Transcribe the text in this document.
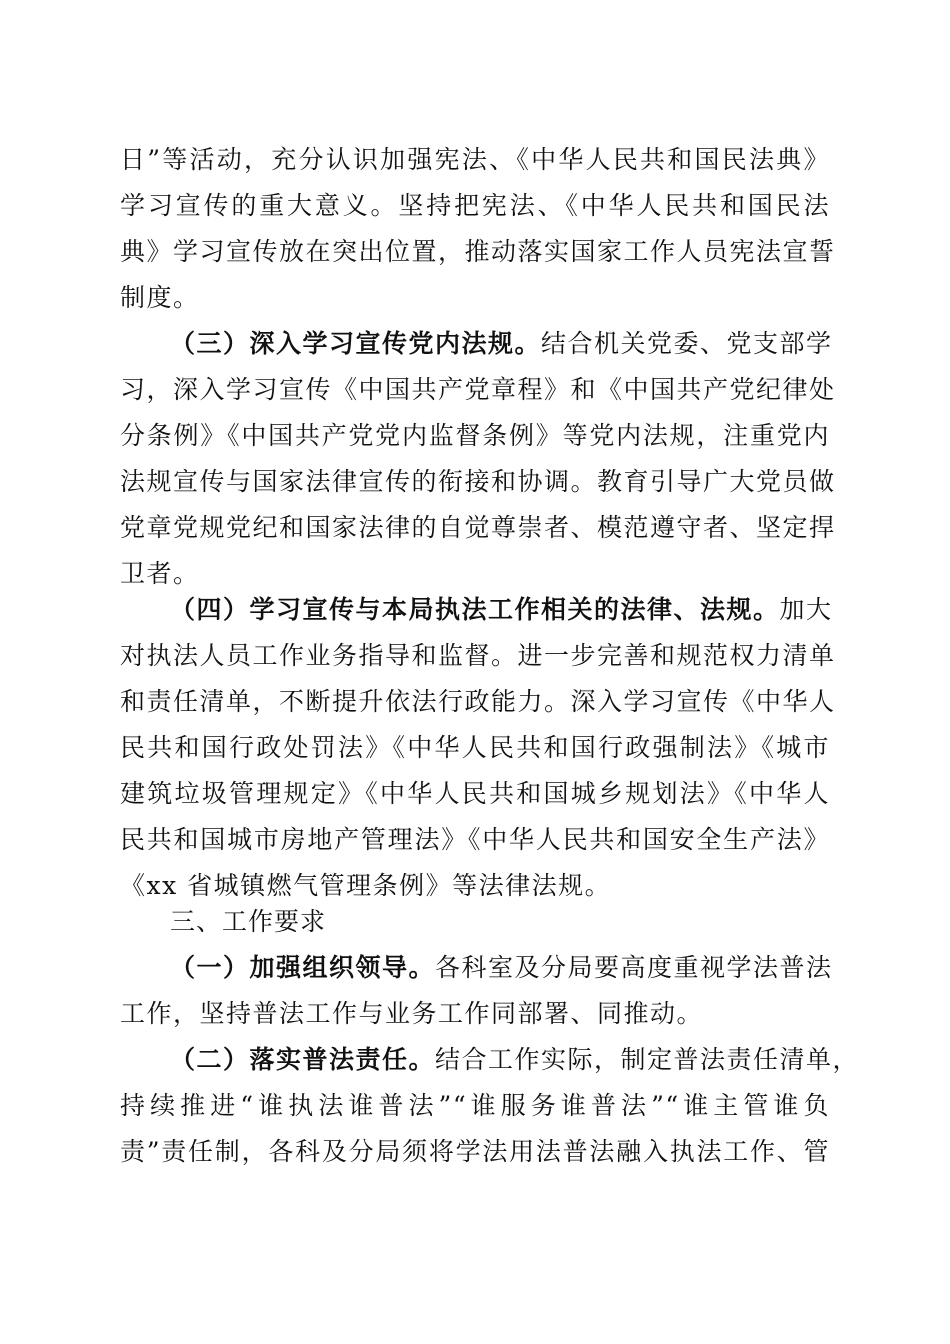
日”等活动，充分认识加强宪法、《中华人民共和国民法典》
学习宣传的重大意义。坚持把宪法、《中华人民共和国民法
典》学习宣传放在突出位置，推动落实国家工作人员宪法宣誓
制度。
（三）深入学习宣传党内法规。结合机关党委、党支部学
习，深入学习宣传《中国共产党章程》和《中国共产党纪律处
分条例》《中国共产党党内监督条例》等党内法规，注重党内
法规宣传与国家法律宣传的衔接和协调。教育引导广大党员做
党章党规党纪和国家法律的自觉尊崇者、模范遵守者、坚定捍
卫者。
（四）学习宣传与本局执法工作相关的法律、法规。加大
对执法人员工作业务指导和监督。进一步完善和规范权力清单
和责任清单，不断提升依法行政能力。深入学习宣传《中华人
民共和国行政处罚法》《中华人民共和国行政强制法》《城市
建筑垃圾管理规定》《中华人民共和国城乡规划法》《中华人
民共和国城市房地产管理法》《中华人民共和国安全生产法》
《xx 省城镇燃气管理条例》等法律法规。
三、工作要求
（一）加强组织领导。各科室及分局要高度重视学法普法
工作，坚持普法工作与业务工作同部署、同推动。
（二）落实普法责任。结合工作实际，制定普法责任清单，
持续推进“谁执法谁普法”“谁服务谁普法”“谁主管谁负
责”责任制，各科及分局须将学法用法普法融入执法工作、管
